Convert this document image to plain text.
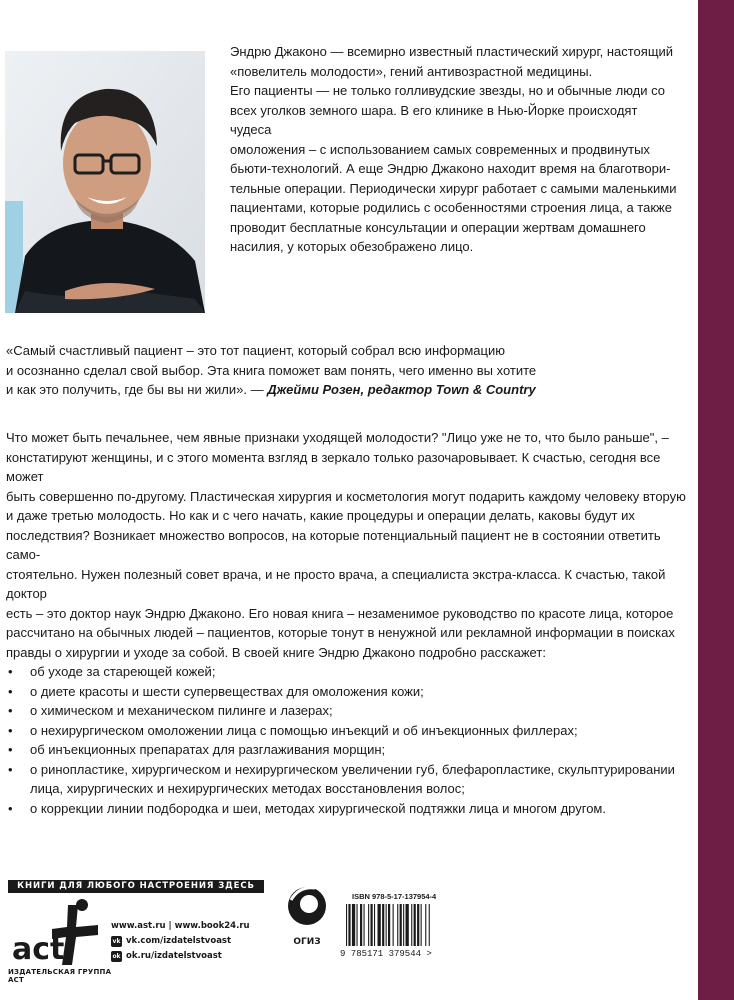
Эндрю Джаконо — всемирно известный пластический хирург, настоящий

«повелитель молодости», гений антивозрастной медицины.

Его пациенты — не только голливудские звезды, но и обычные люди со

всех уголков земного шара. В его клинике в Нью-Йорке происходят чудеса

омоложения – с использованием самых современных и продвинутых

бьюти-технологий. А еще Эндрю Джаконо находит время на благотвори-

тельные операции. Периодически хирург работает с самыми маленькими

пациентами, которые родились с особенностями строения лица, а также

проводит бесплатные консультации и операции жертвам домашнего

насилия, у которых обезображено лицо.

«Самый счастливый пациент – это тот пациент, который собрал всю информацию
и осознанно сделал свой выбор. Эта книга поможет вам понять, чего именно вы хотите
и как это получить, где бы вы ни жили». — Джейми Розен, редактор Town & Country

Что может быть печальнее, чем явные признаки уходящей молодости? "Лицо уже не то, что было раньше", –

констатируют женщины, и с этого момента взгляд в зеркало только разочаровывает. К счастью, сегодня все может

быть совершенно по-другому. Пластическая хирургия и косметология могут подарить каждому человеку вторую

и даже третью молодость. Но как и с чего начать, какие процедуры и операции делать, каковы будут их

последствия? Возникает множество вопросов, на которые потенциальный пациент не в состоянии ответить само-

стоятельно. Нужен полезный совет врача, и не просто врача, а специалиста экстра-класса. К счастью, такой доктор

есть – это доктор наук Эндрю Джаконо. Его новая книга – незаменимое руководство по красоте лица, которое

рассчитано на обычных людей – пациентов, которые тонут в ненужной или рекламной информации в поисках

правды о хирургии и уходе за собой. В своей книге Эндрю Джаконо подробно расскажет:

• об уходе за стареющей кожей;
• о диете красоты и шести супервеществах для омоложения кожи;
• о химическом и механическом пилинге и лазерах;
• о нехирургическом омоложении лица с помощью инъекций и об инъекционных филлерах;
• об инъекционных препаратах для разглаживания морщин;
• о ринопластике, хирургическом и нехирургическом увеличении губ, блефаропластике, скульптурировании
лица, хирургических и нехирургических методах восстановления волос;
• о коррекции линии подбородка и шеи, методах хирургической подтяжки лица и многом другом.
КНИГИ ДЛЯ ЛЮБОГО НАСТРОЕНИЯ ЗДЕСЬ
act
ИЗДАТЕЛЬСКАЯ ГРУППА АСТ
www.ast.ru | www.book24.ru
vk vk.com/izdatelstvoast
ok ok.ru/izdatelstvoast
ОГИЗ
ISBN 978-5-17-137954-4
9 785171 379544 >
